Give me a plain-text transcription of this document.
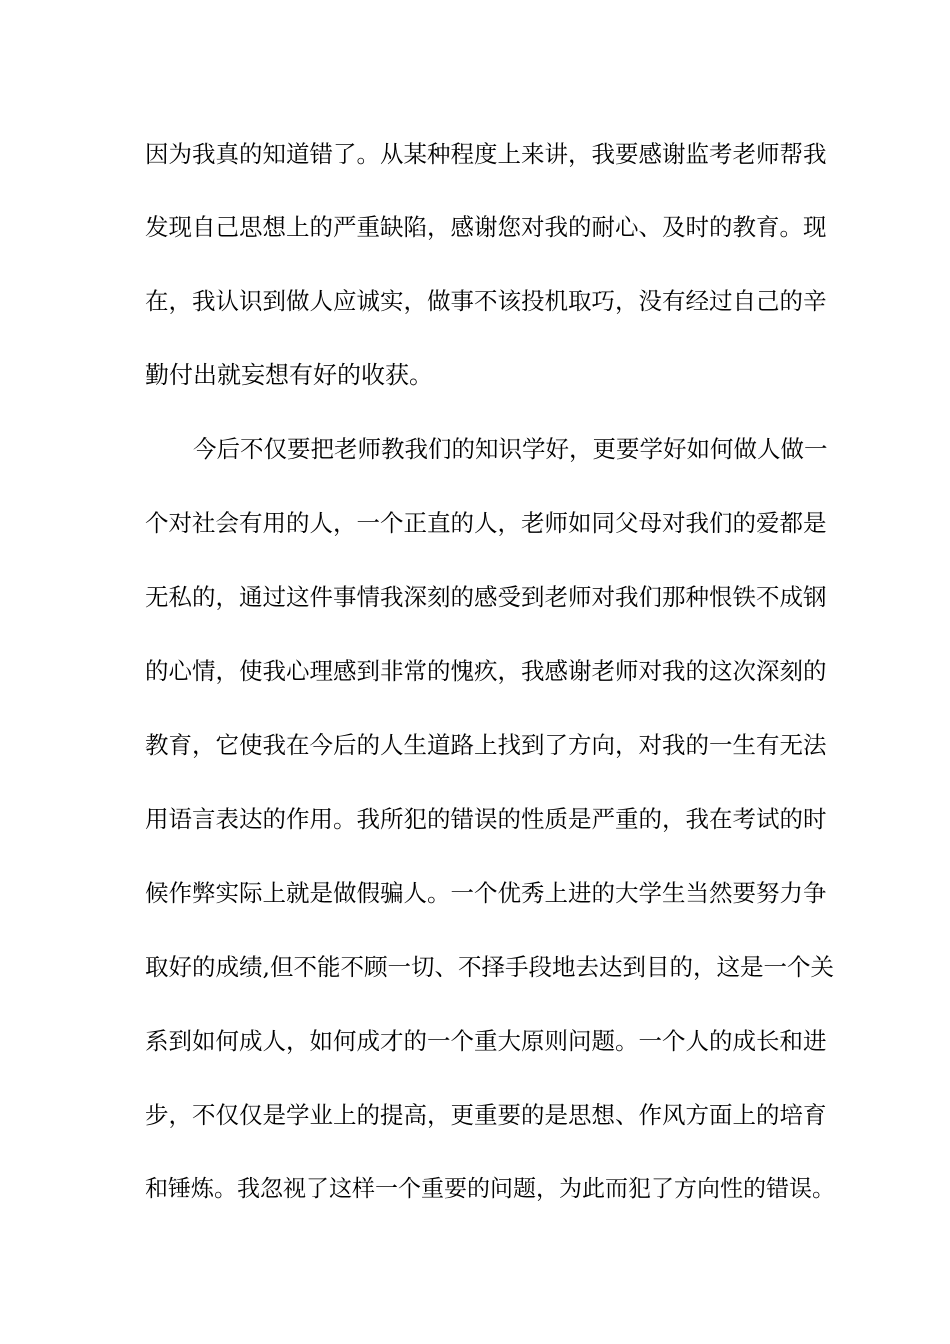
因为我真的知道错了。从某种程度上来讲，我要感谢监考老师帮我
发现自己思想上的严重缺陷，感谢您对我的耐心、及时的教育。现
在，我认识到做人应诚实，做事不该投机取巧，没有经过自己的辛
勤付出就妄想有好的收获。
今后不仅要把老师教我们的知识学好，更要学好如何做人做一
个对社会有用的人，一个正直的人，老师如同父母对我们的爱都是
无私的，通过这件事情我深刻的感受到老师对我们那种恨铁不成钢
的心情，使我心理感到非常的愧疚，我感谢老师对我的这次深刻的
教育，它使我在今后的人生道路上找到了方向，对我的一生有无法
用语言表达的作用。我所犯的错误的性质是严重的，我在考试的时
候作弊实际上就是做假骗人。一个优秀上进的大学生当然要努力争
取好的成绩,但不能不顾一切、不择手段地去达到目的，这是一个关
系到如何成人，如何成才的一个重大原则问题。一个人的成长和进
步，不仅仅是学业上的提高，更重要的是思想、作风方面上的培育
和锤炼。我忽视了这样一个重要的问题，为此而犯了方向性的错误。
